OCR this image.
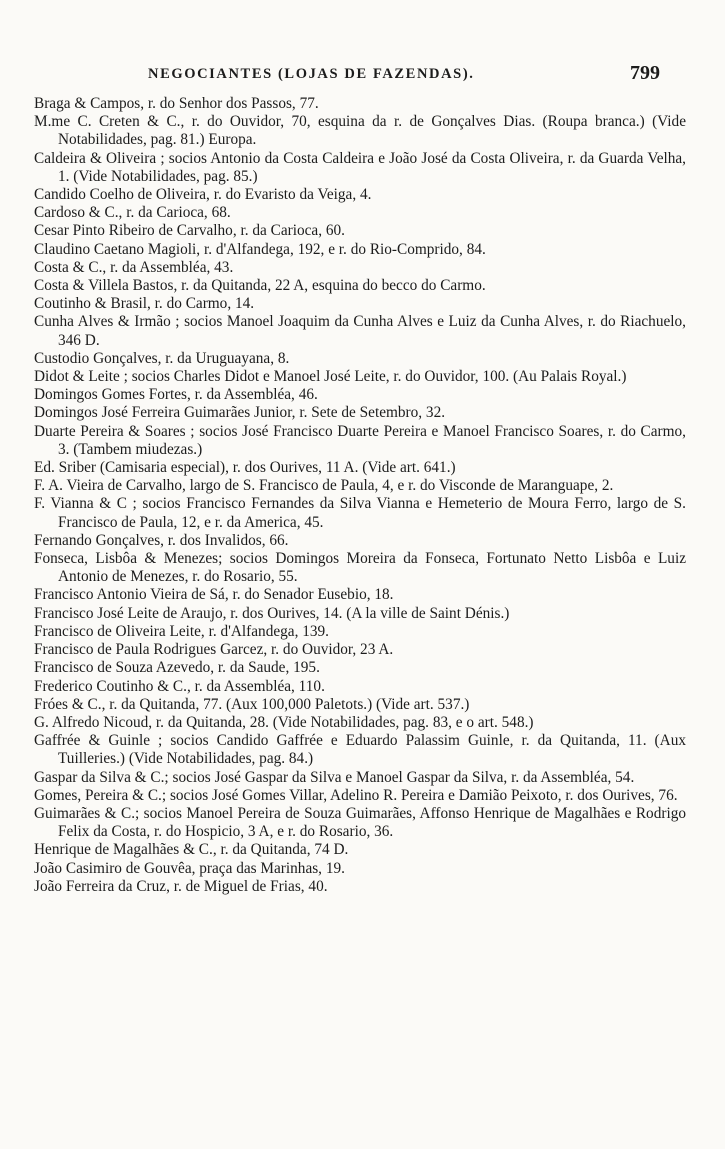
NEGOCIANTES (LOJAS DE FAZENDAS).	799

Braga & Campos, r. do Senhor dos Passos, 77.

M.me C. Creten & C., r. do Ouvidor, 70, esquina da r. de Gonçalves Dias. (Roupa branca.) (Vide Notabilidades, pag. 81.) Europa.

Caldeira & Oliveira ; socios Antonio da Costa Caldeira e João José da Costa Oliveira, r. da Guarda Velha, 1. (Vide Notabilidades, pag. 85.)

Candido Coelho de Oliveira, r. do Evaristo da Veiga, 4.

Cardoso & C., r. da Carioca, 68.

Cesar Pinto Ribeiro de Carvalho, r. da Carioca, 60.

Claudino Caetano Magioli, r. d'Alfandega, 192, e r. do Rio-Comprido, 84.

Costa & C., r. da Assembléa, 43.

Costa & Villela Bastos, r. da Quitanda, 22 A, esquina do becco do Carmo.

Coutinho & Brasil, r. do Carmo, 14.

Cunha Alves & Irmão ; socios Manoel Joaquim da Cunha Alves e Luiz da Cunha Alves, r. do Riachuelo, 346 D.

Custodio Gonçalves, r. da Uruguayana, 8.

Didot & Leite ; socios Charles Didot e Manoel José Leite, r. do Ouvidor, 100. (Au Palais Royal.)

Domingos Gomes Fortes, r. da Assembléa, 46.

Domingos José Ferreira Guimarães Junior, r. Sete de Setembro, 32.

Duarte Pereira & Soares ; socios José Francisco Duarte Pereira e Manoel Francisco Soares, r. do Carmo, 3. (Tambem miudezas.)

Ed. Sriber (Camisaria especial), r. dos Ourives, 11 A. (Vide art. 641.)

F. A. Vieira de Carvalho, largo de S. Francisco de Paula, 4, e r. do Visconde de Maranguape, 2.

F. Vianna & C ; socios Francisco Fernandes da Silva Vianna e Hemeterio de Moura Ferro, largo de S. Francisco de Paula, 12, e r. da America, 45.

Fernando Gonçalves, r. dos Invalidos, 66.

Fonseca, Lisbôa & Menezes; socios Domingos Moreira da Fonseca, Fortunato Netto Lisbôa e Luiz Antonio de Menezes, r. do Rosario, 55.

Francisco Antonio Vieira de Sá, r. do Senador Eusebio, 18.

Francisco José Leite de Araujo, r. dos Ourives, 14. (A la ville de Saint Dénis.)

Francisco de Oliveira Leite, r. d'Alfandega, 139.

Francisco de Paula Rodrigues Garcez, r. do Ouvidor, 23 A.

Francisco de Souza Azevedo, r. da Saude, 195.

Frederico Coutinho & C., r. da Assembléa, 110.

Fróes & C., r. da Quitanda, 77. (Aux 100,000 Paletots.) (Vide art. 537.)

G. Alfredo Nicoud, r. da Quitanda, 28. (Vide Notabilidades, pag. 83, e o art. 548.)

Gaffrée & Guinle ; socios Candido Gaffrée e Eduardo Palassim Guinle, r. da Quitanda, 11. (Aux Tuilleries.) (Vide Notabilidades, pag. 84.)

Gaspar da Silva & C.; socios José Gaspar da Silva e Manoel Gaspar da Silva, r. da Assembléa, 54.

Gomes, Pereira & C.; socios José Gomes Villar, Adelino R. Pereira e Damião Peixoto, r. dos Ourives, 76.

Guimarães & C.; socios Manoel Pereira de Souza Guimarães, Affonso Henrique de Magalhães e Rodrigo Felix da Costa, r. do Hospicio, 3 A, e r. do Rosario, 36.

Henrique de Magalhães & C., r. da Quitanda, 74 D.

João Casimiro de Gouvêa, praça das Marinhas, 19.

João Ferreira da Cruz, r. de Miguel de Frias, 40.
